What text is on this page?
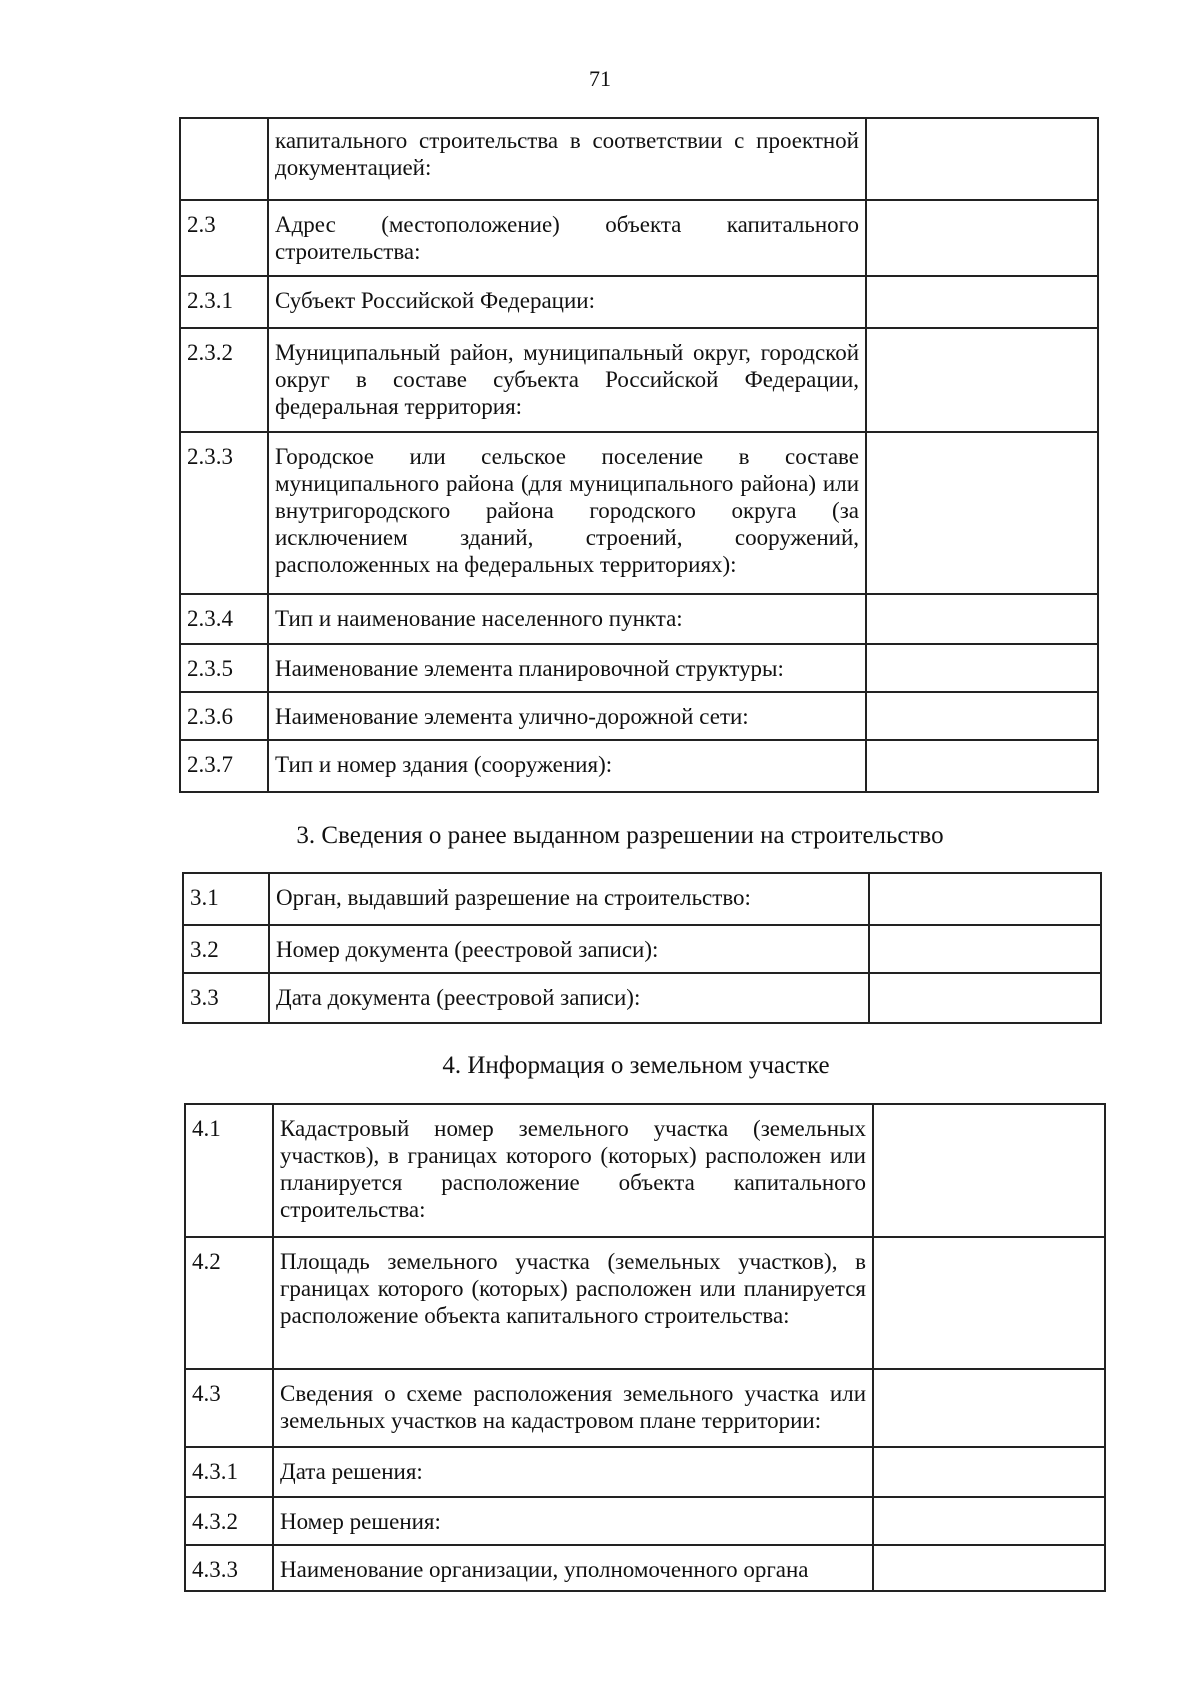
71
	капитального строительства в соответствии с проектной документацией:	
2.3	Адрес (местоположение) объекта капитального строительства:	
2.3.1	Субъект Российской Федерации:	
2.3.2	Муниципальный район, муниципальный округ, городской округ в составе субъекта Российской Федерации, федеральная территория:	
2.3.3	Городское или сельское поселение в составе муниципального района (для муниципального района) или внутригородского района городского округа (за исключением зданий, строений, сооружений, расположенных на федеральных территориях):	
2.3.4	Тип и наименование населенного пункта:	
2.3.5	Наименование элемента планировочной структуры:	
2.3.6	Наименование элемента улично-дорожной сети:	
2.3.7	Тип и номер здания (сооружения):	
3. Сведения о ранее выданном разрешении на строительство
3.1	Орган, выдавший разрешение на строительство:	
3.2	Номер документа (реестровой записи):	
3.3	Дата документа (реестровой записи):	
4. Информация о земельном участке
4.1	Кадастровый номер земельного участка (земельных участков), в границах которого (которых) расположен или планируется расположение объекта капитального строительства:	
4.2	Площадь земельного участка (земельных участков), в границах которого (которых) расположен или планируется расположение объекта капитального строительства:	
4.3	Сведения о схеме расположения земельного участка или земельных участков на кадастровом плане территории:	
4.3.1	Дата решения:	
4.3.2	Номер решения:	
4.3.3	Наименование организации, уполномоченного органа	
